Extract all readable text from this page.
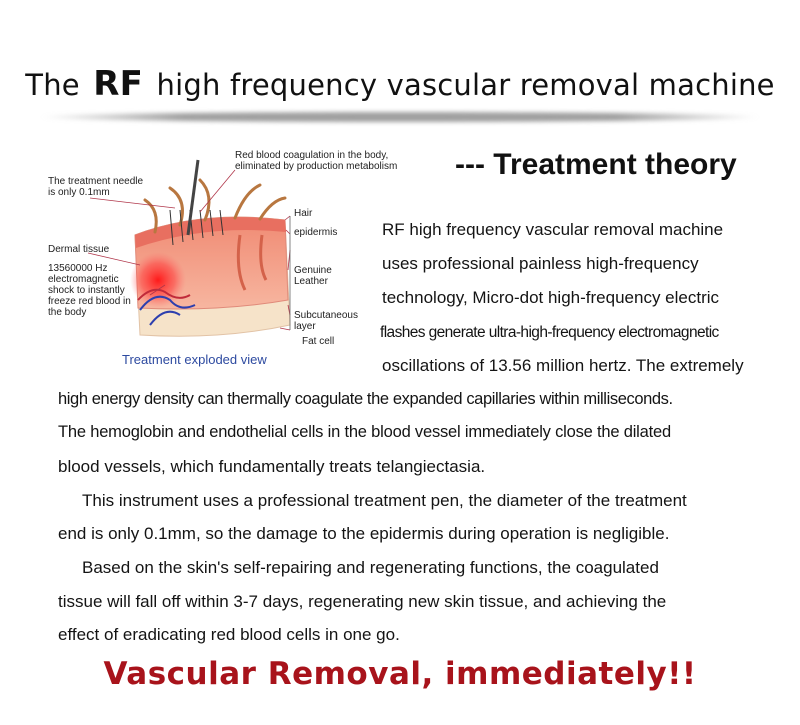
The RF high frequency vascular removal machine
--- Treatment theory
Red blood coagulation in the body, eliminated by production metabolism
The treatment needle is only 0.1mm
Hair
epidermis
Dermal tissue
13560000 Hz electromagnetic shock to instantly freeze red blood in the body
Genuine Leather
Subcutaneous layer
Fat cell
Treatment exploded view
RF high frequency vascular removal machine
uses professional painless high-frequency
technology, Micro-dot high-frequency electric
flashes generate ultra-high-frequency electromagnetic
oscillations of 13.56 million hertz. The extremely
high energy density can thermally coagulate the expanded capillaries within milliseconds.
The hemoglobin and endothelial cells in the blood vessel immediately close the dilated
blood vessels, which fundamentally treats telangiectasia.
This instrument uses a professional treatment pen, the diameter of the treatment
end is only 0.1mm, so the damage to the epidermis during operation is negligible.
Based on the skin's self-repairing and regenerating functions, the coagulated
tissue will fall off within 3-7 days, regenerating new skin tissue, and achieving the
effect of eradicating red blood cells in one go.
Vascular Removal, immediately!!
